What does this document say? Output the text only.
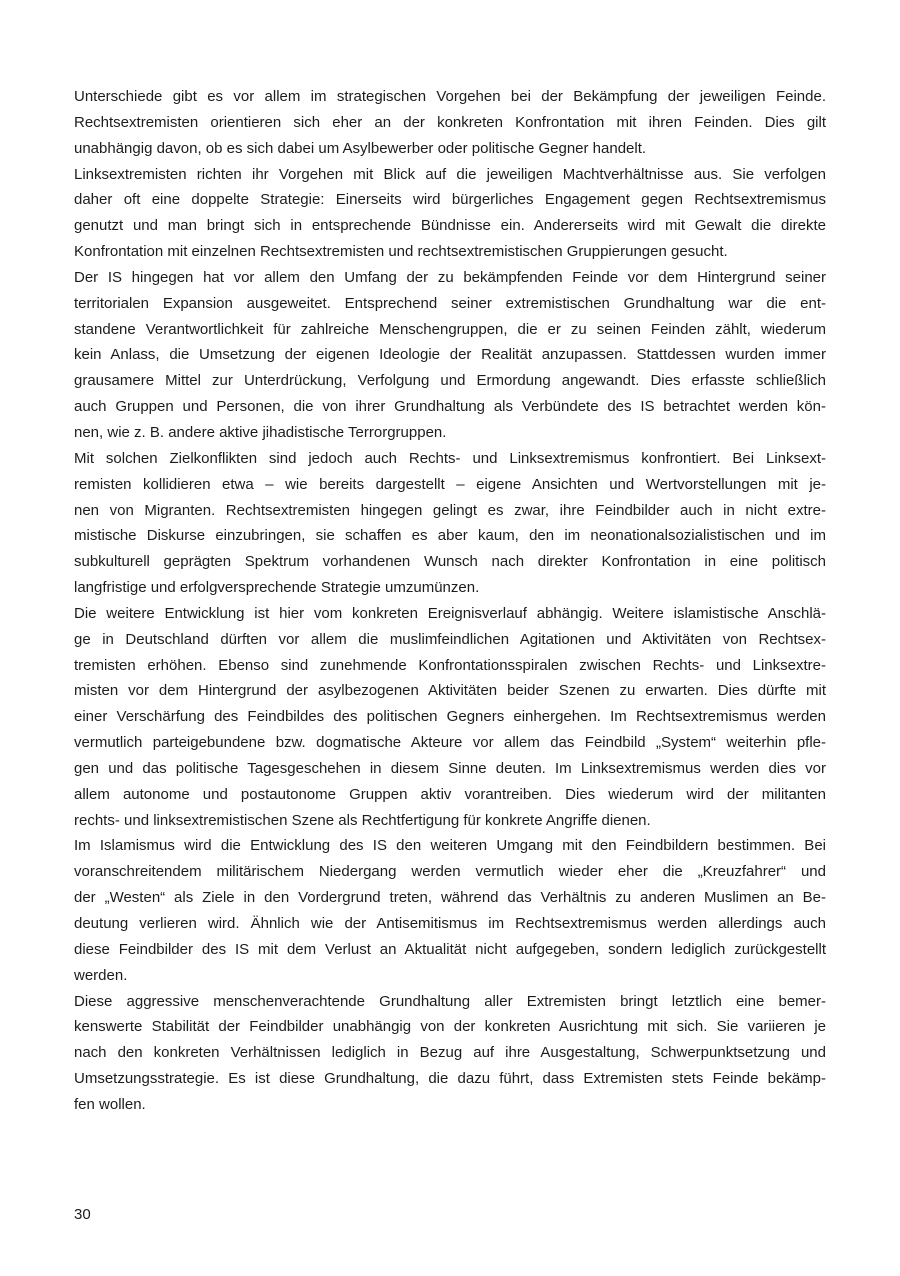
Unterschiede gibt es vor allem im strategischen Vorgehen bei der Bekämpfung der jeweiligen Feinde.
Rechtsextremisten orientieren sich eher an der konkreten Konfrontation mit ihren Feinden. Dies gilt
unabhängig davon, ob es sich dabei um Asylbewerber oder politische Gegner handelt.
Linksextremisten richten ihr Vorgehen mit Blick auf die jeweiligen Machtverhältnisse aus. Sie verfolgen
daher oft eine doppelte Strategie: Einerseits wird bürgerliches Engagement gegen Rechtsextremismus
genutzt und man bringt sich in entsprechende Bündnisse ein. Andererseits wird mit Gewalt die direkte
Konfrontation mit einzelnen Rechtsextremisten und rechtsextremistischen Gruppierungen gesucht.
Der IS hingegen hat vor allem den Umfang der zu bekämpfenden Feinde vor dem Hintergrund seiner
territorialen Expansion ausgeweitet. Entsprechend seiner extremistischen Grundhaltung war die ent-
standene Verantwortlichkeit für zahlreiche Menschengruppen, die er zu seinen Feinden zählt, wiederum
kein Anlass, die Umsetzung der eigenen Ideologie der Realität anzupassen. Stattdessen wurden immer
grausamere Mittel zur Unterdrückung, Verfolgung und Ermordung angewandt. Dies erfasste schließlich
auch Gruppen und Personen, die von ihrer Grundhaltung als Verbündete des IS betrachtet werden kön-
nen, wie z. B. andere aktive jihadistische Terrorgruppen.
Mit solchen Zielkonflikten sind jedoch auch Rechts- und Linksextremismus konfrontiert. Bei Linksext-
remisten kollidieren etwa – wie bereits dargestellt – eigene Ansichten und Wertvorstellungen mit je-
nen von Migranten. Rechtsextremisten hingegen gelingt es zwar, ihre Feindbilder auch in nicht extre-
mistische Diskurse einzubringen, sie schaffen es aber kaum, den im neonationalsozialistischen und im
subkulturell geprägten Spektrum vorhandenen Wunsch nach direkter Konfrontation in eine politisch
langfristige und erfolgversprechende Strategie umzumünzen.
Die weitere Entwicklung ist hier vom konkreten Ereignisverlauf abhängig. Weitere islamistische Anschlä-
ge in Deutschland dürften vor allem die muslimfeindlichen Agitationen und Aktivitäten von Rechtsex-
tremisten erhöhen. Ebenso sind zunehmende Konfrontationsspiralen zwischen Rechts- und Linksextre-
misten vor dem Hintergrund der asylbezogenen Aktivitäten beider Szenen zu erwarten. Dies dürfte mit
einer Verschärfung des Feindbildes des politischen Gegners einhergehen. Im Rechtsextremismus werden
vermutlich parteigebundene bzw. dogmatische Akteure vor allem das Feindbild „System“ weiterhin pfle-
gen und das politische Tagesgeschehen in diesem Sinne deuten. Im Linksextremismus werden dies vor
allem autonome und postautonome Gruppen aktiv vorantreiben. Dies wiederum wird der militanten
rechts- und linksextremistischen Szene als Rechtfertigung für konkrete Angriffe dienen.
Im Islamismus wird die Entwicklung des IS den weiteren Umgang mit den Feindbildern bestimmen. Bei
voranschreitendem militärischem Niedergang werden vermutlich wieder eher die „Kreuzfahrer“ und
der „Westen“ als Ziele in den Vordergrund treten, während das Verhältnis zu anderen Muslimen an Be-
deutung verlieren wird. Ähnlich wie der Antisemitismus im Rechtsextremismus werden allerdings auch
diese Feindbilder des IS mit dem Verlust an Aktualität nicht aufgegeben, sondern lediglich zurückgestellt
werden.
Diese aggressive menschenverachtende Grundhaltung aller Extremisten bringt letztlich eine bemer-
kenswerte Stabilität der Feindbilder unabhängig von der konkreten Ausrichtung mit sich. Sie variieren je
nach den konkreten Verhältnissen lediglich in Bezug auf ihre Ausgestaltung, Schwerpunktsetzung und
Umsetzungsstrategie. Es ist diese Grundhaltung, die dazu führt, dass Extremisten stets Feinde bekämp-
fen wollen.
30
